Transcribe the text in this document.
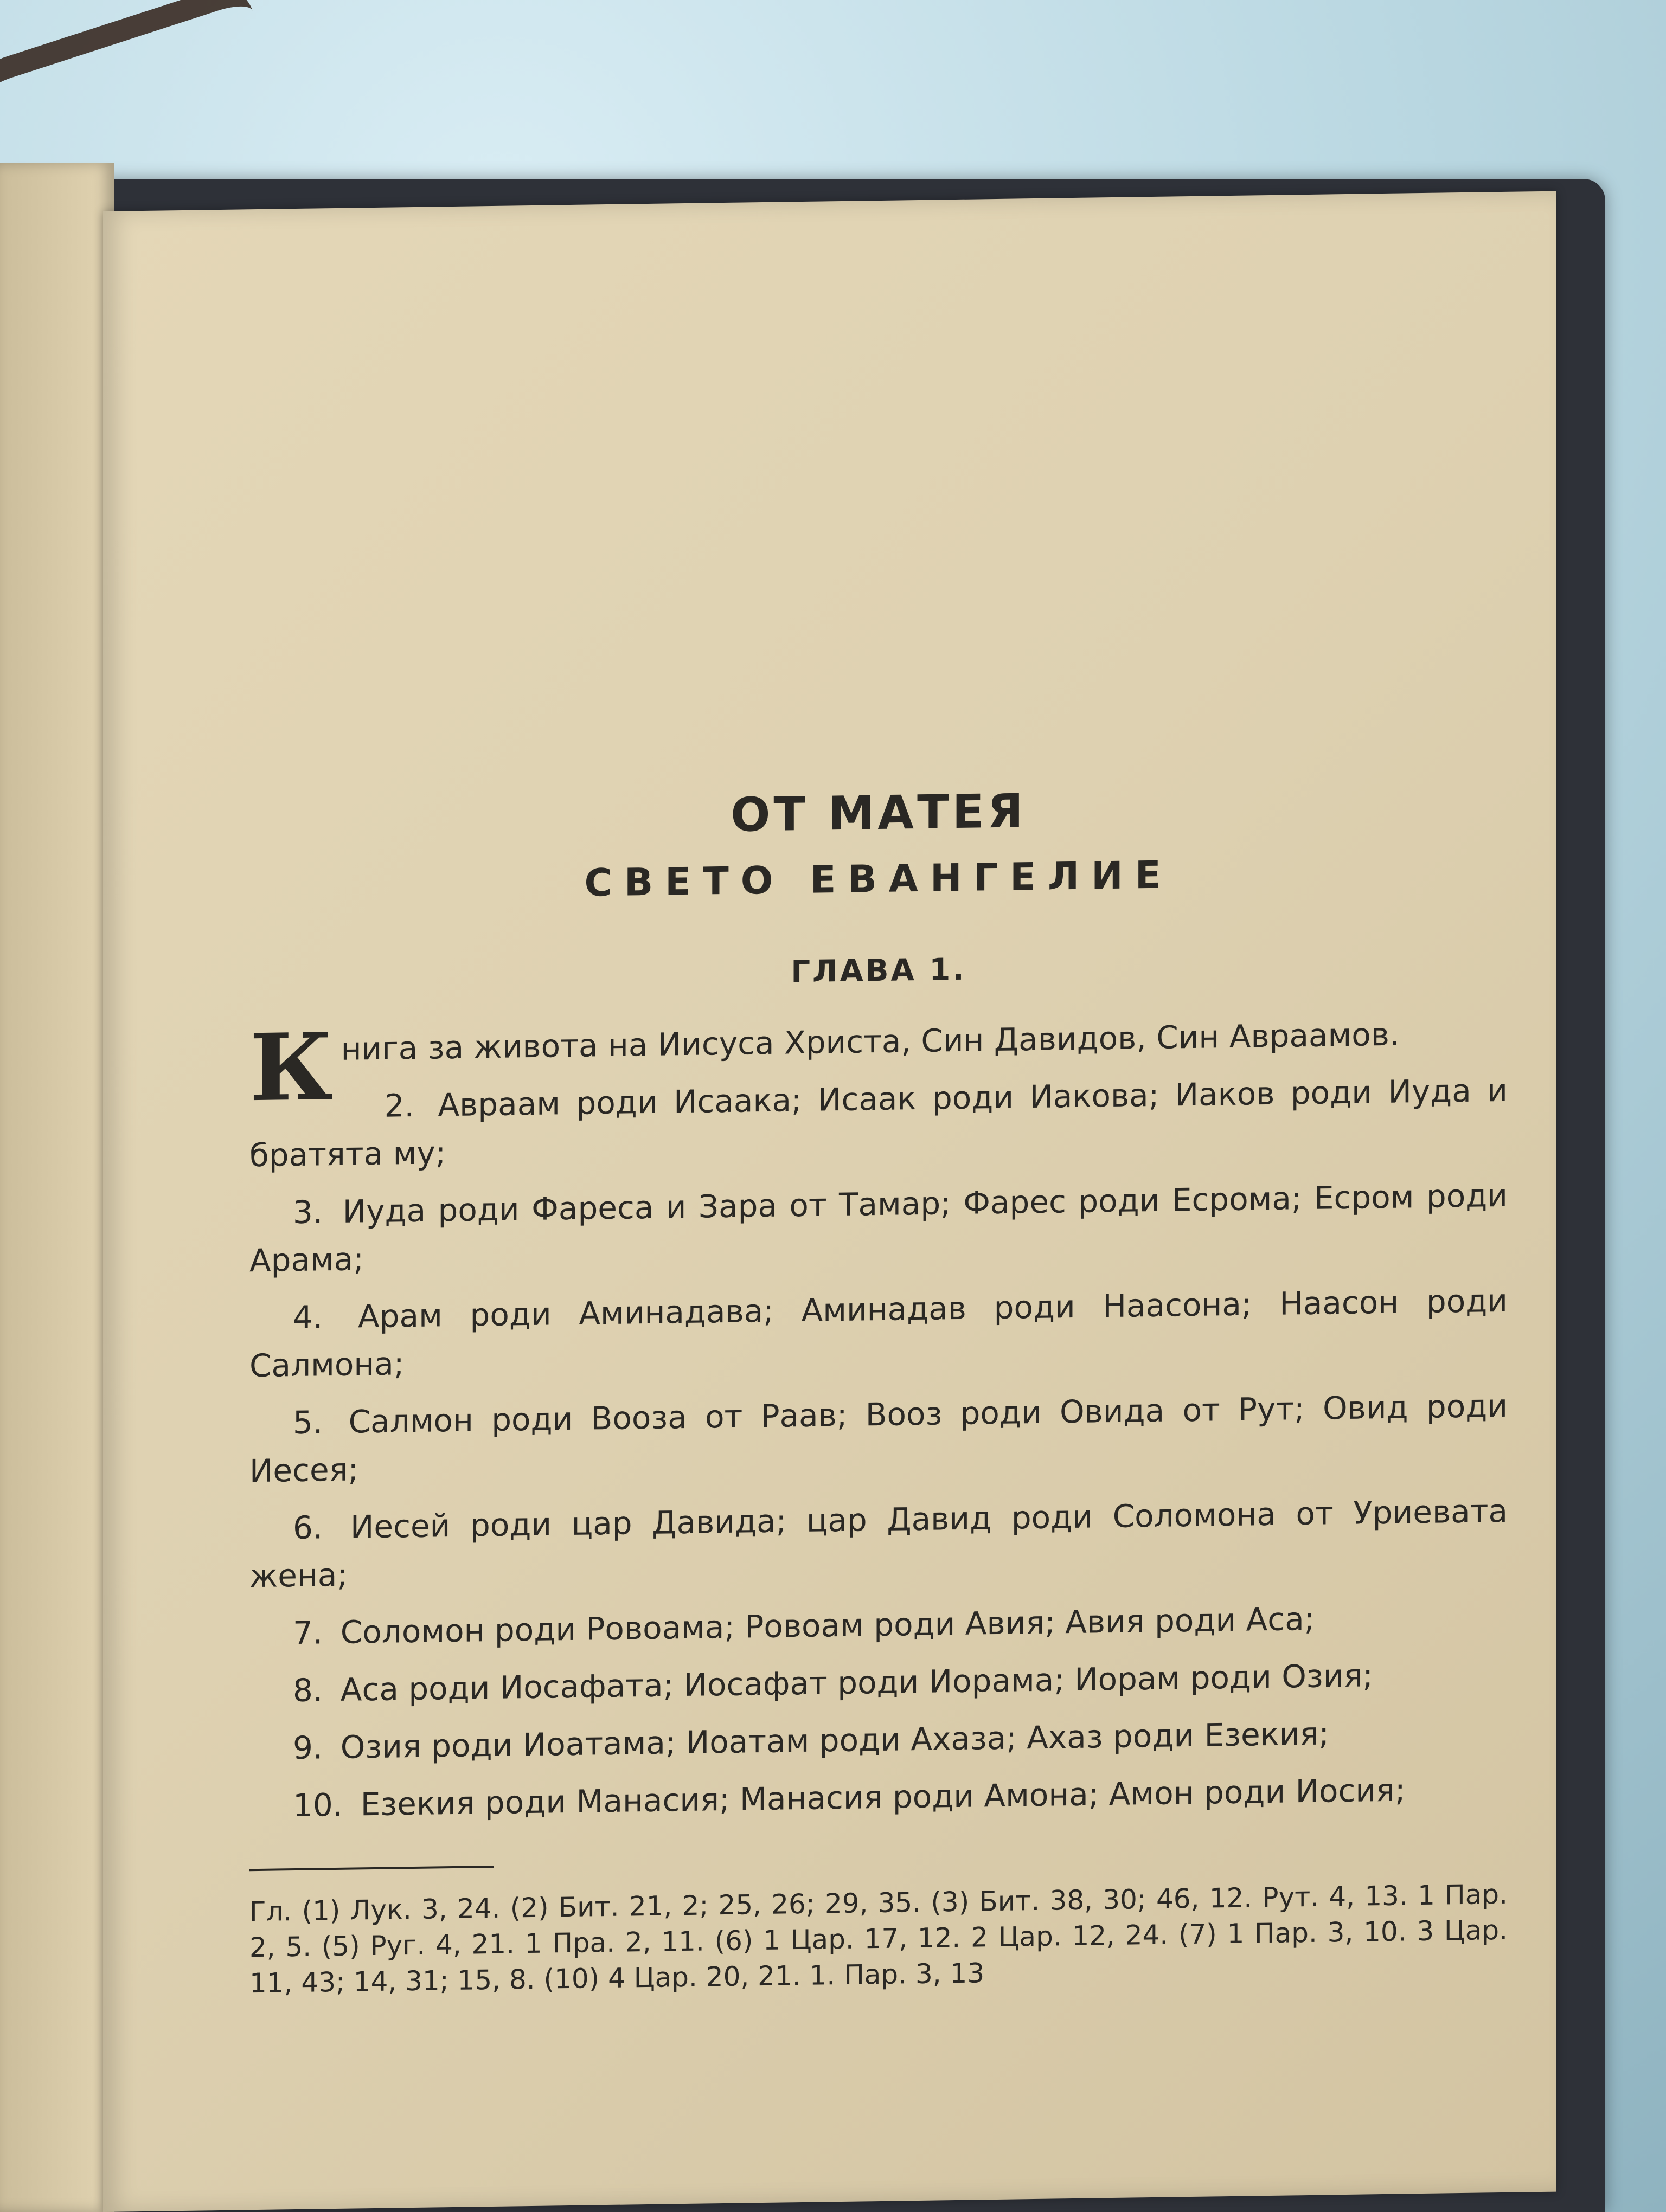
ОТ МАТЕЯ
СВЕТО ЕВАНГЕЛИЕ
ГЛАВА 1.

К нига за живота на Иисуса Христа, Син Давидов, Син Авраамов.

2. Авраам роди Исаака; Исаак роди Иакова; Иаков роди Иуда и братята му;

3. Иуда роди Фареса и Зара от Тамар; Фарес роди Есрома; Есром роди Арама;

4. Арам роди Аминадава; Аминадав роди Наасона; Наасон роди Салмона;

5. Салмон роди Вооза от Раав; Вооз роди Овида от Рут; Овид роди Иесея;

6. Иесей роди цар Давида; цар Давид роди Соломона от Уриевата жена;

7. Соломон роди Ровоама; Ровоам роди Авия; Авия роди Аса;

8. Аса роди Иосафата; Иосафат роди Иорама; Иорам роди Озия;

9. Озия роди Иоатама; Иоатам роди Ахаза; Ахаз роди Езекия;

10. Езекия роди Манасия; Манасия роди Амона; Амон роди Иосия;

Гл. (1) Лук. 3, 24. (2) Бит. 21, 2; 25, 26; 29, 35. (3) Бит. 38, 30; 46, 12. Рут. 4, 13. 1 Пар. 2, 5. (5) Руг. 4, 21. 1 Пра. 2, 11. (6) 1 Цар. 17, 12. 2 Цар. 12, 24. (7) 1 Пар. 3, 10. 3 Цар. 11, 43; 14, 31; 15, 8. (10) 4 Цар. 20, 21. 1. Пар. 3, 13
